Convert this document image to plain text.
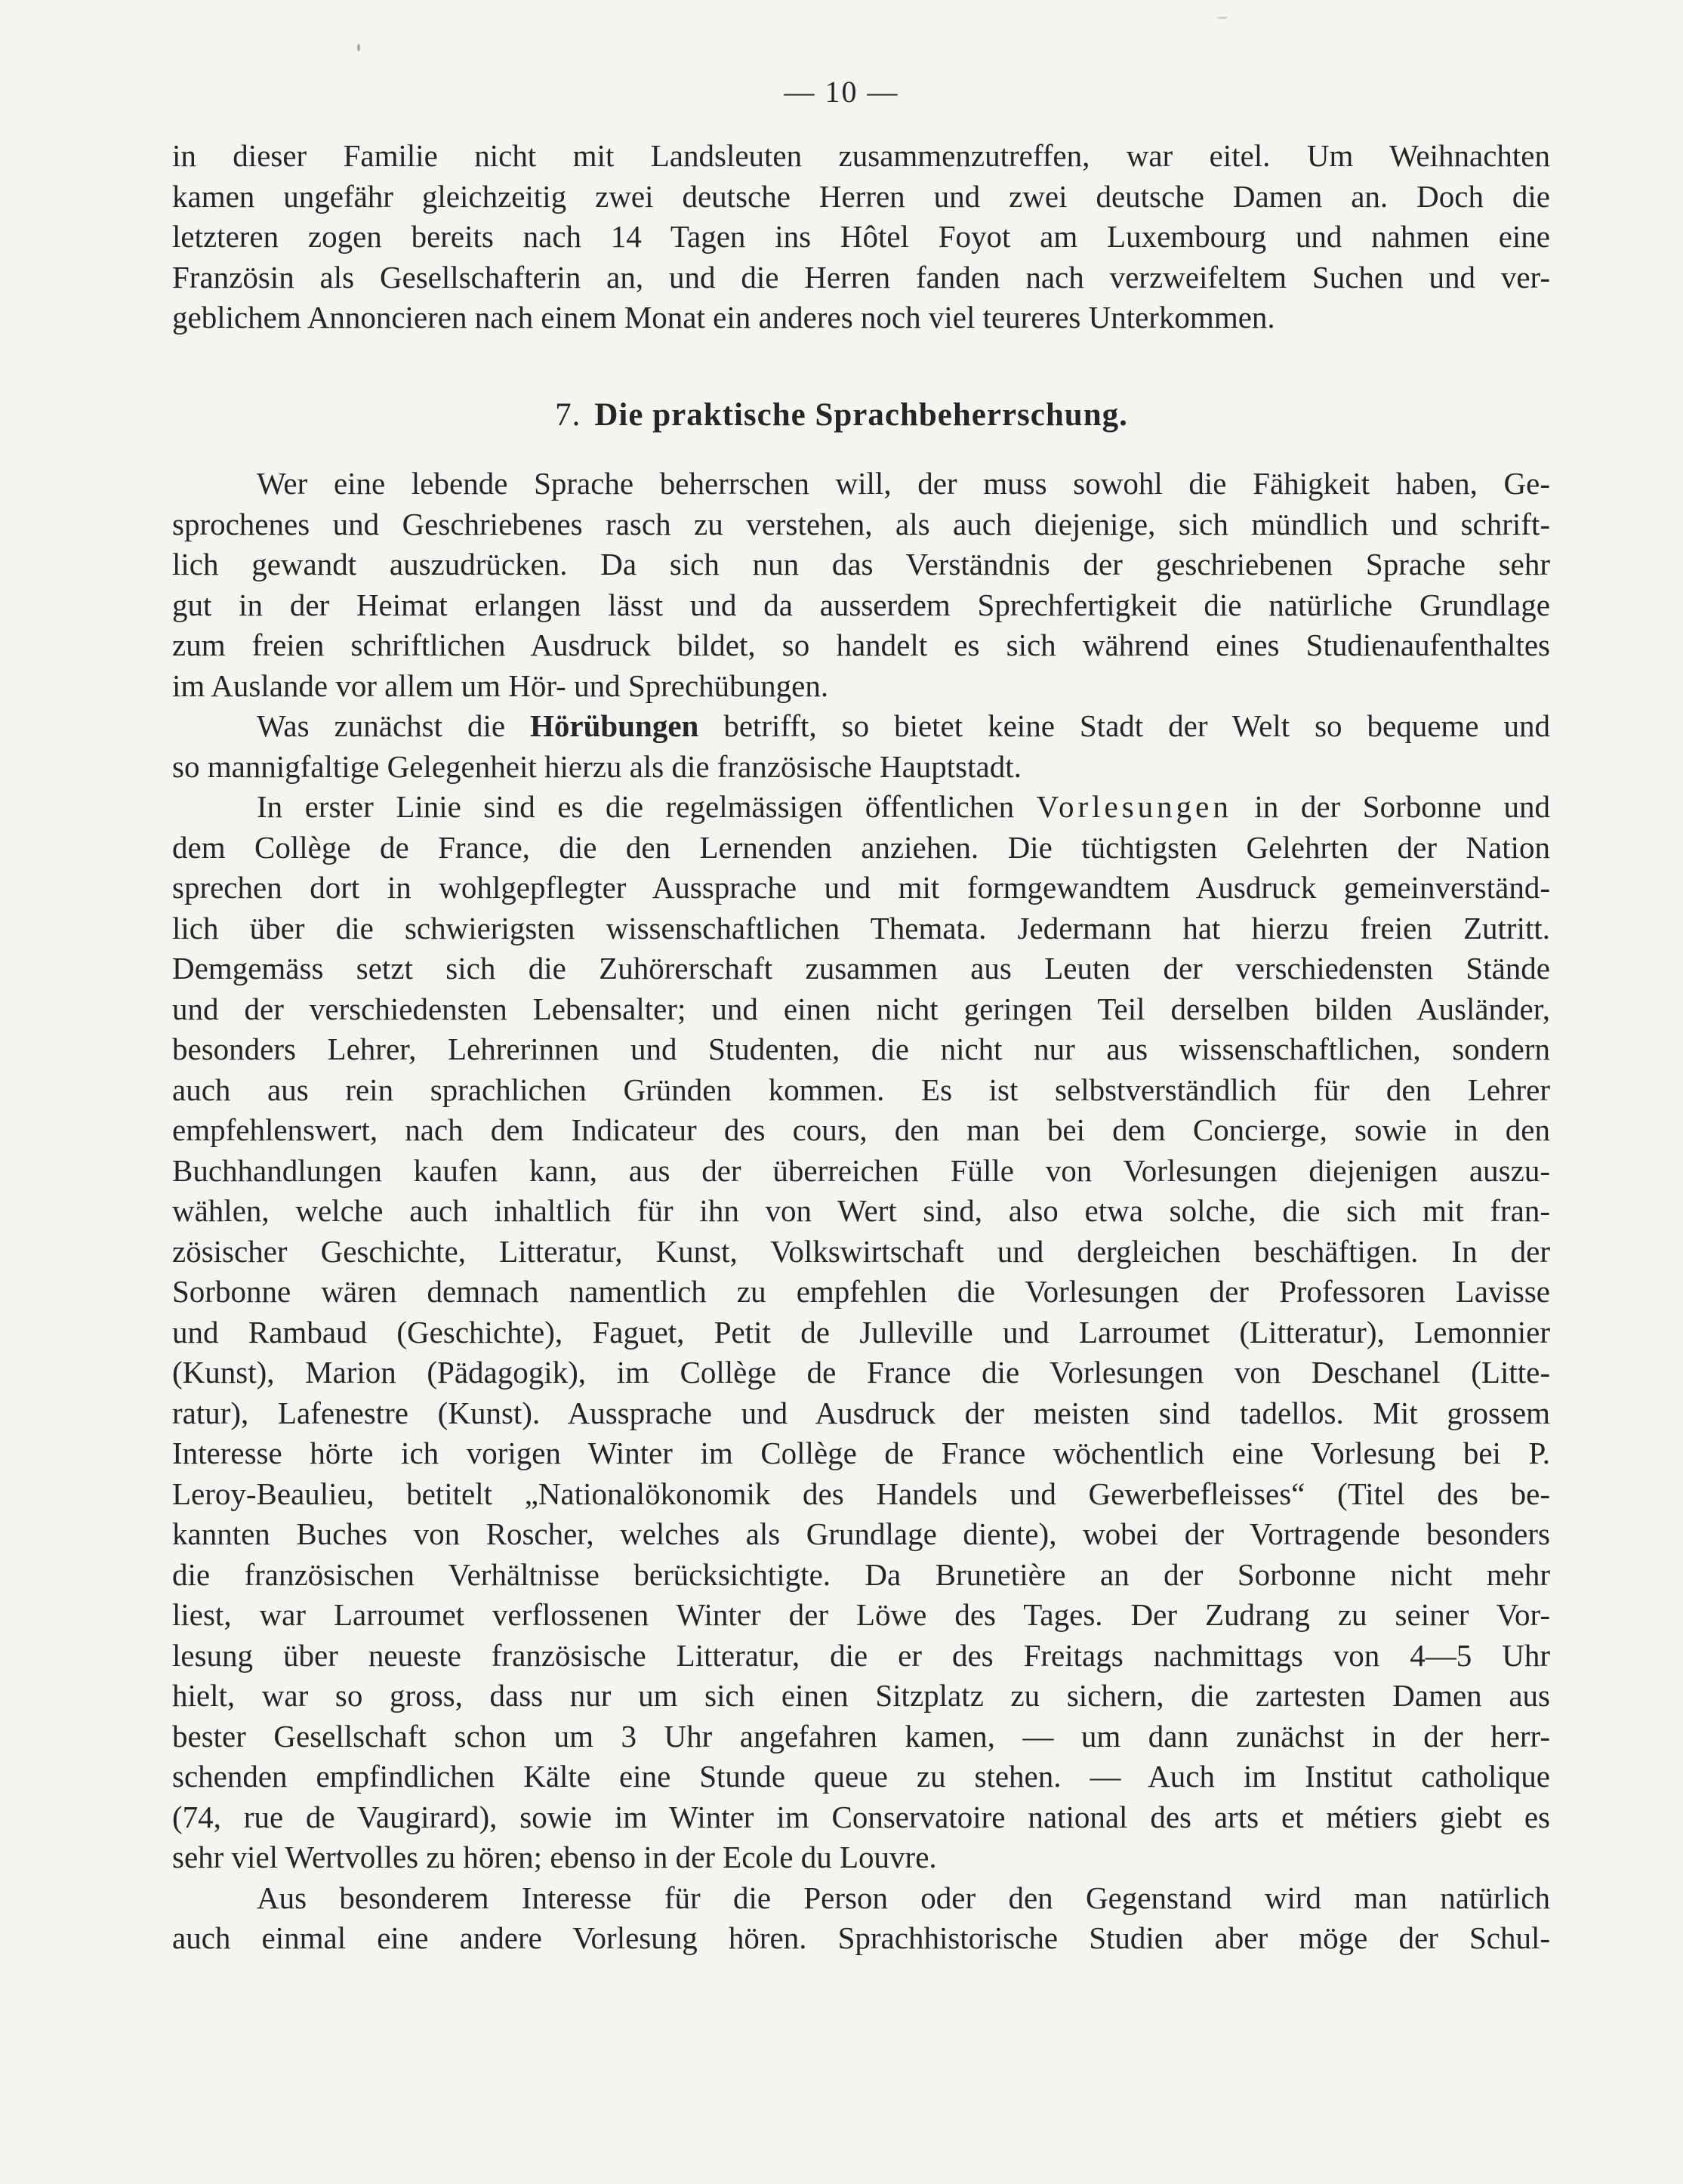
— 10 —
in dieser Familie nicht mit Landsleuten zusammenzutreffen, war eitel. Um Weihnachten
kamen ungefähr gleichzeitig zwei deutsche Herren und zwei deutsche Damen an. Doch die
letzteren zogen bereits nach 14 Tagen ins Hôtel Foyot am Luxembourg und nahmen eine
Französin als Gesellschafterin an, und die Herren fanden nach verzweifeltem Suchen und ver-
geblichem Annoncieren nach einem Monat ein anderes noch viel teureres Unterkommen.
7. Die praktische Sprachbeherrschung.
Wer eine lebende Sprache beherrschen will, der muss sowohl die Fähigkeit haben, Ge-
sprochenes und Geschriebenes rasch zu verstehen, als auch diejenige, sich mündlich und schrift-
lich gewandt auszudrücken. Da sich nun das Verständnis der geschriebenen Sprache sehr
gut in der Heimat erlangen lässt und da ausserdem Sprechfertigkeit die natürliche Grundlage
zum freien schriftlichen Ausdruck bildet, so handelt es sich während eines Studienaufenthaltes
im Auslande vor allem um Hör- und Sprechübungen.
Was zunächst die Hörübungen betrifft, so bietet keine Stadt der Welt so bequeme und
so mannigfaltige Gelegenheit hierzu als die französische Hauptstadt.
In erster Linie sind es die regelmässigen öffentlichen Vorlesungen in der Sorbonne und
dem Collège de France, die den Lernenden anziehen. Die tüchtigsten Gelehrten der Nation
sprechen dort in wohlgepflegter Aussprache und mit formgewandtem Ausdruck gemeinverständ-
lich über die schwierigsten wissenschaftlichen Themata. Jedermann hat hierzu freien Zutritt.
Demgemäss setzt sich die Zuhörerschaft zusammen aus Leuten der verschiedensten Stände
und der verschiedensten Lebensalter; und einen nicht geringen Teil derselben bilden Ausländer,
besonders Lehrer, Lehrerinnen und Studenten, die nicht nur aus wissenschaftlichen, sondern
auch aus rein sprachlichen Gründen kommen. Es ist selbstverständlich für den Lehrer
empfehlenswert, nach dem Indicateur des cours, den man bei dem Concierge, sowie in den
Buchhandlungen kaufen kann, aus der überreichen Fülle von Vorlesungen diejenigen auszu-
wählen, welche auch inhaltlich für ihn von Wert sind, also etwa solche, die sich mit fran-
zösischer Geschichte, Litteratur, Kunst, Volkswirtschaft und dergleichen beschäftigen. In der
Sorbonne wären demnach namentlich zu empfehlen die Vorlesungen der Professoren Lavisse
und Rambaud (Geschichte), Faguet, Petit de Julleville und Larroumet (Litteratur), Lemonnier
(Kunst), Marion (Pädagogik), im Collège de France die Vorlesungen von Deschanel (Litte-
ratur), Lafenestre (Kunst). Aussprache und Ausdruck der meisten sind tadellos. Mit grossem
Interesse hörte ich vorigen Winter im Collège de France wöchentlich eine Vorlesung bei P.
Leroy-Beaulieu, betitelt „Nationalökonomik des Handels und Gewerbefleisses“ (Titel des be-
kannten Buches von Roscher, welches als Grundlage diente), wobei der Vortragende besonders
die französischen Verhältnisse berücksichtigte. Da Brunetière an der Sorbonne nicht mehr
liest, war Larroumet verflossenen Winter der Löwe des Tages. Der Zudrang zu seiner Vor-
lesung über neueste französische Litteratur, die er des Freitags nachmittags von 4—5 Uhr
hielt, war so gross, dass nur um sich einen Sitzplatz zu sichern, die zartesten Damen aus
bester Gesellschaft schon um 3 Uhr angefahren kamen, — um dann zunächst in der herr-
schenden empfindlichen Kälte eine Stunde queue zu stehen. — Auch im Institut catholique
(74, rue de Vaugirard), sowie im Winter im Conservatoire national des arts et métiers giebt es
sehr viel Wertvolles zu hören; ebenso in der Ecole du Louvre.
Aus besonderem Interesse für die Person oder den Gegenstand wird man natürlich
auch einmal eine andere Vorlesung hören. Sprachhistorische Studien aber möge der Schul-
